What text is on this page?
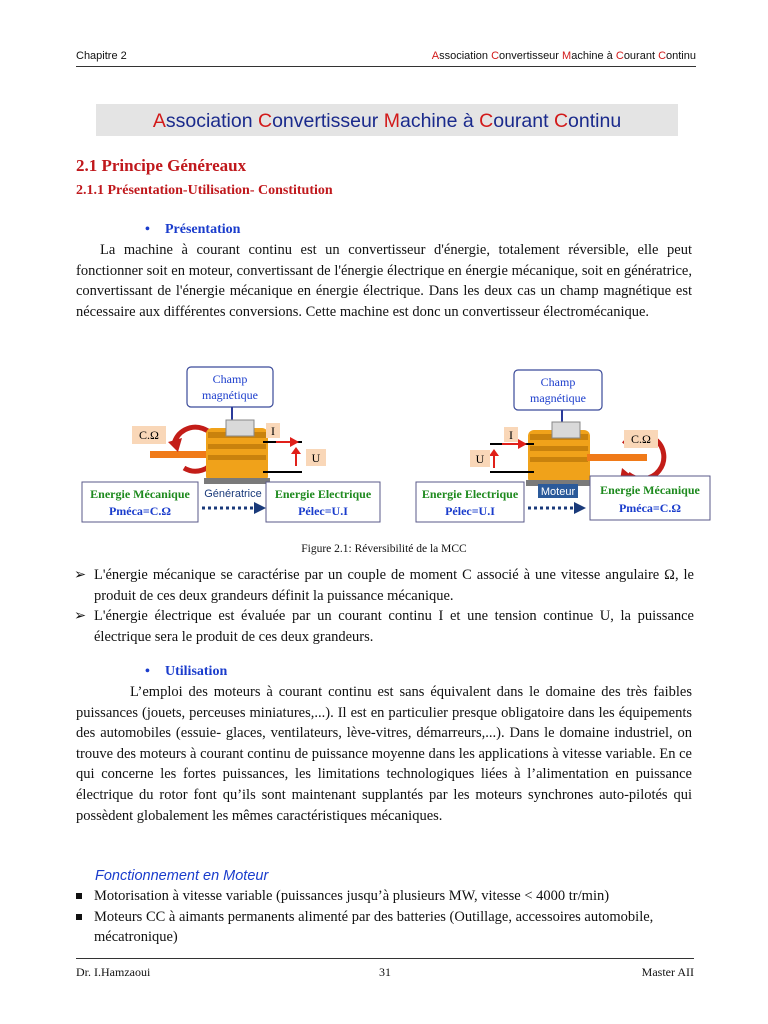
Chapitre 2	Association Convertisseur Machine à Courant Continu
Association Convertisseur Machine à Courant Continu
2.1 Principe Généreaux
2.1.1 Présentation-Utilisation- Constitution
• Présentation

La machine à courant continu est un convertisseur d'énergie, totalement réversible, elle peut fonctionner soit en moteur, convertissant de l'énergie électrique en énergie mécanique, soit en génératrice, convertissant de l'énergie mécanique en énergie électrique. Dans les deux cas un champ magnétique est nécessaire aux différentes conversions. Cette machine est donc un convertisseur électromécanique.

Champ
magnétique
C.Ω	I
U
Energie Mécanique
Pméca=C.Ω
Génératrice Energie Electrique
Pélec=U.I
Champ
magnétique
I
U
C.Ω
Energie Electrique
Pélec=U.I
Moteur Energie Mécanique
Pméca=C.Ω
Figure 2.1: Réversibilité de la MCC
➢ L'énergie mécanique se caractérise par un couple de moment C associé à une vitesse angulaire Ω, le produit de ces deux grandeurs définit la puissance mécanique.
➢ L'énergie électrique est évaluée par un courant continu I et une tension continue U, la puissance électrique sera le produit de ces deux grandeurs.
• Utilisation

L’emploi des moteurs à courant continu est sans équivalent dans le domaine des très faibles puissances (jouets, perceuses miniatures,...). Il est en particulier presque obligatoire dans les équipements des automobiles (essuie- glaces, ventilateurs, lève-vitres, démarreurs,...). Dans le domaine industriel, on trouve des moteurs à courant continu de puissance moyenne dans les applications à vitesse variable. En ce qui concerne les fortes puissances, les limitations technologiques liées à l’alimentation en puissance électrique du rotor font qu’ils sont maintenant supplantés par les moteurs synchrones auto-pilotés qui possèdent globalement les mêmes caractéristiques mécaniques.

Fonctionnement en Moteur
Motorisation à vitesse variable (puissances jusqu’à plusieurs MW, vitesse < 4000 tr/min)
Moteurs CC à aimants permanents alimenté par des batteries (Outillage, accessoires automobile, mécatronique)
Dr. I.Hamzaoui	31	Master AII
